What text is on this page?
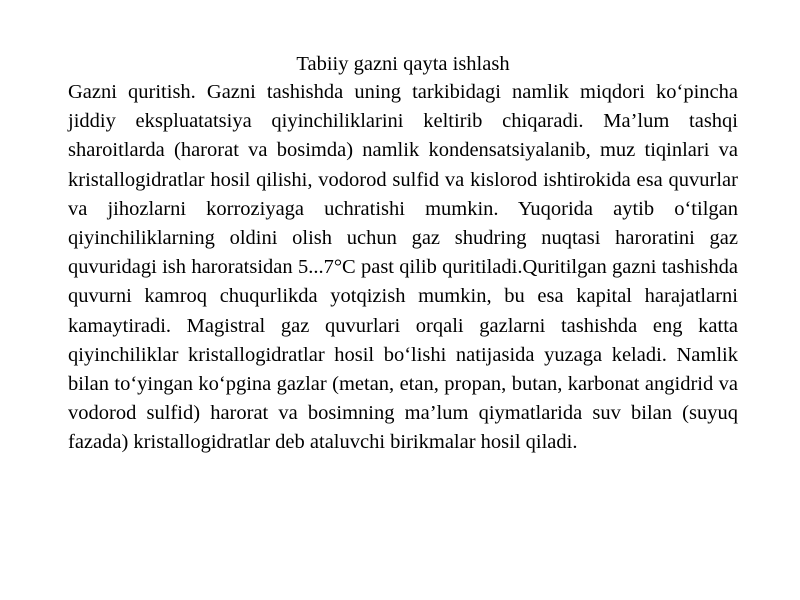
Tabiiy gazni qayta ishlash

Gazni quritish. Gazni tashishda uning tarkibidagi namlik miqdori ko‘pincha jiddiy ekspluatatsiya qiyinchiliklarini keltirib chiqaradi. Ma’lum tashqi sharoitlarda (harorat va bosimda) namlik kondensatsiyalanib, muz tiqinlari va kristallogidratlar hosil qilishi, vodorod sulfid va kislorod ishtirokida esa quvurlar va jihozlarni korroziyaga uchratishi mumkin. Yuqorida aytib o‘tilgan qiyinchiliklarning oldini olish uchun gaz shudring nuqtasi haroratini gaz quvuridagi ish haroratsidan 5...7°C past qilib quritiladi.Quritilgan gazni tashishda quvurni kamroq chuqurlikda yotqizish mumkin, bu esa kapital harajatlarni kamaytiradi. Magistral gaz quvurlari orqali gazlarni tashishda eng katta qiyinchiliklar kristallogidratlar hosil bo‘lishi natijasida yuzaga keladi. Namlik bilan to‘yingan ko‘pgina gazlar (metan, etan, propan, butan, karbonat angidrid va vodorod sulfid) harorat va bosimning ma’lum qiymatlarida suv bilan (suyuq fazada) kristallogidratlar deb ataluvchi birikmalar hosil qiladi.
